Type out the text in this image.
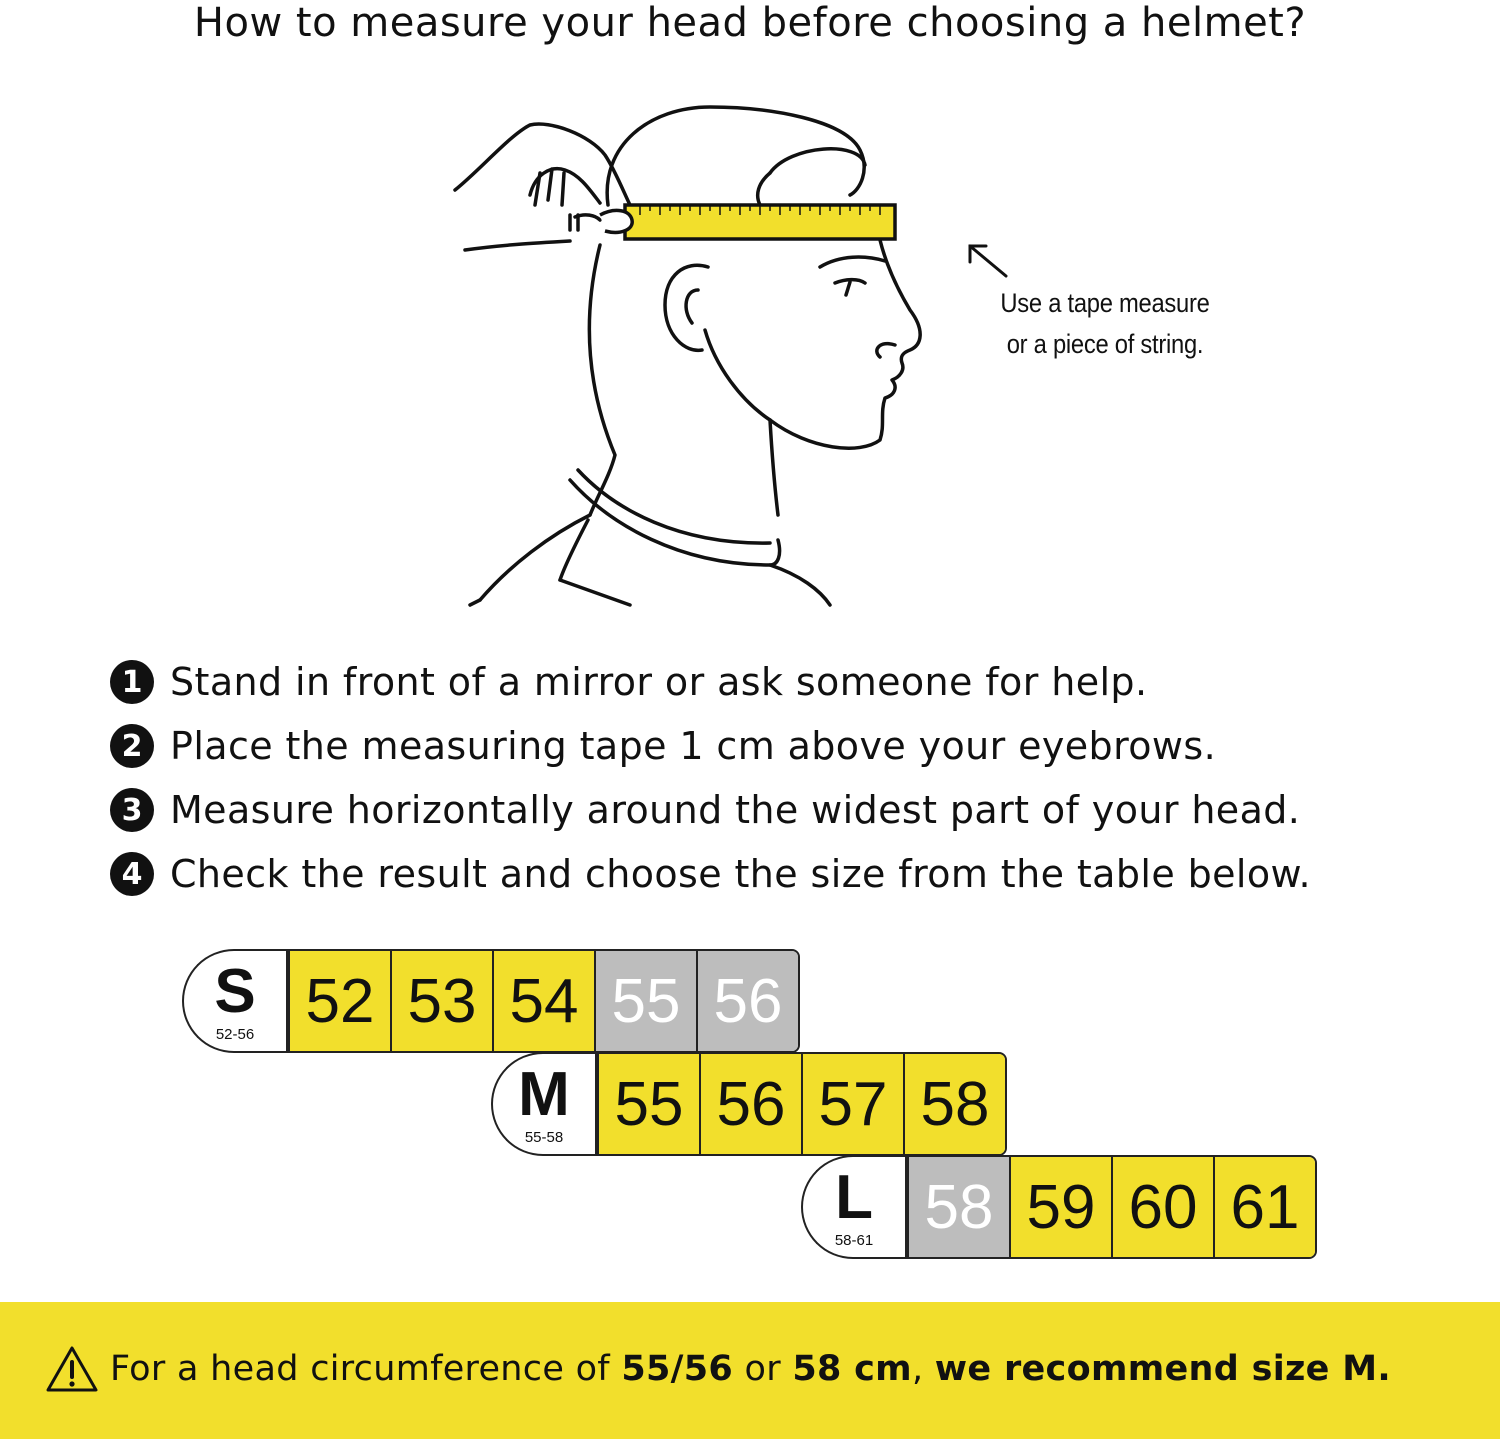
How to measure your head before choosing a helmet?
Use a tape measure
or a piece of string.
1 Stand in front of a mirror or ask someone for help.
2 Place the measuring tape 1 cm above your eyebrows.
3 Measure horizontally around the widest part of your head.
4 Check the result and choose the size from the table below.
S
52-56 52 53 54 55 56
M
55-58 55 56 57 58
L
58-61 58 59 60 61
For a head circumference of 55/56 or 58 cm, we recommend size M.
